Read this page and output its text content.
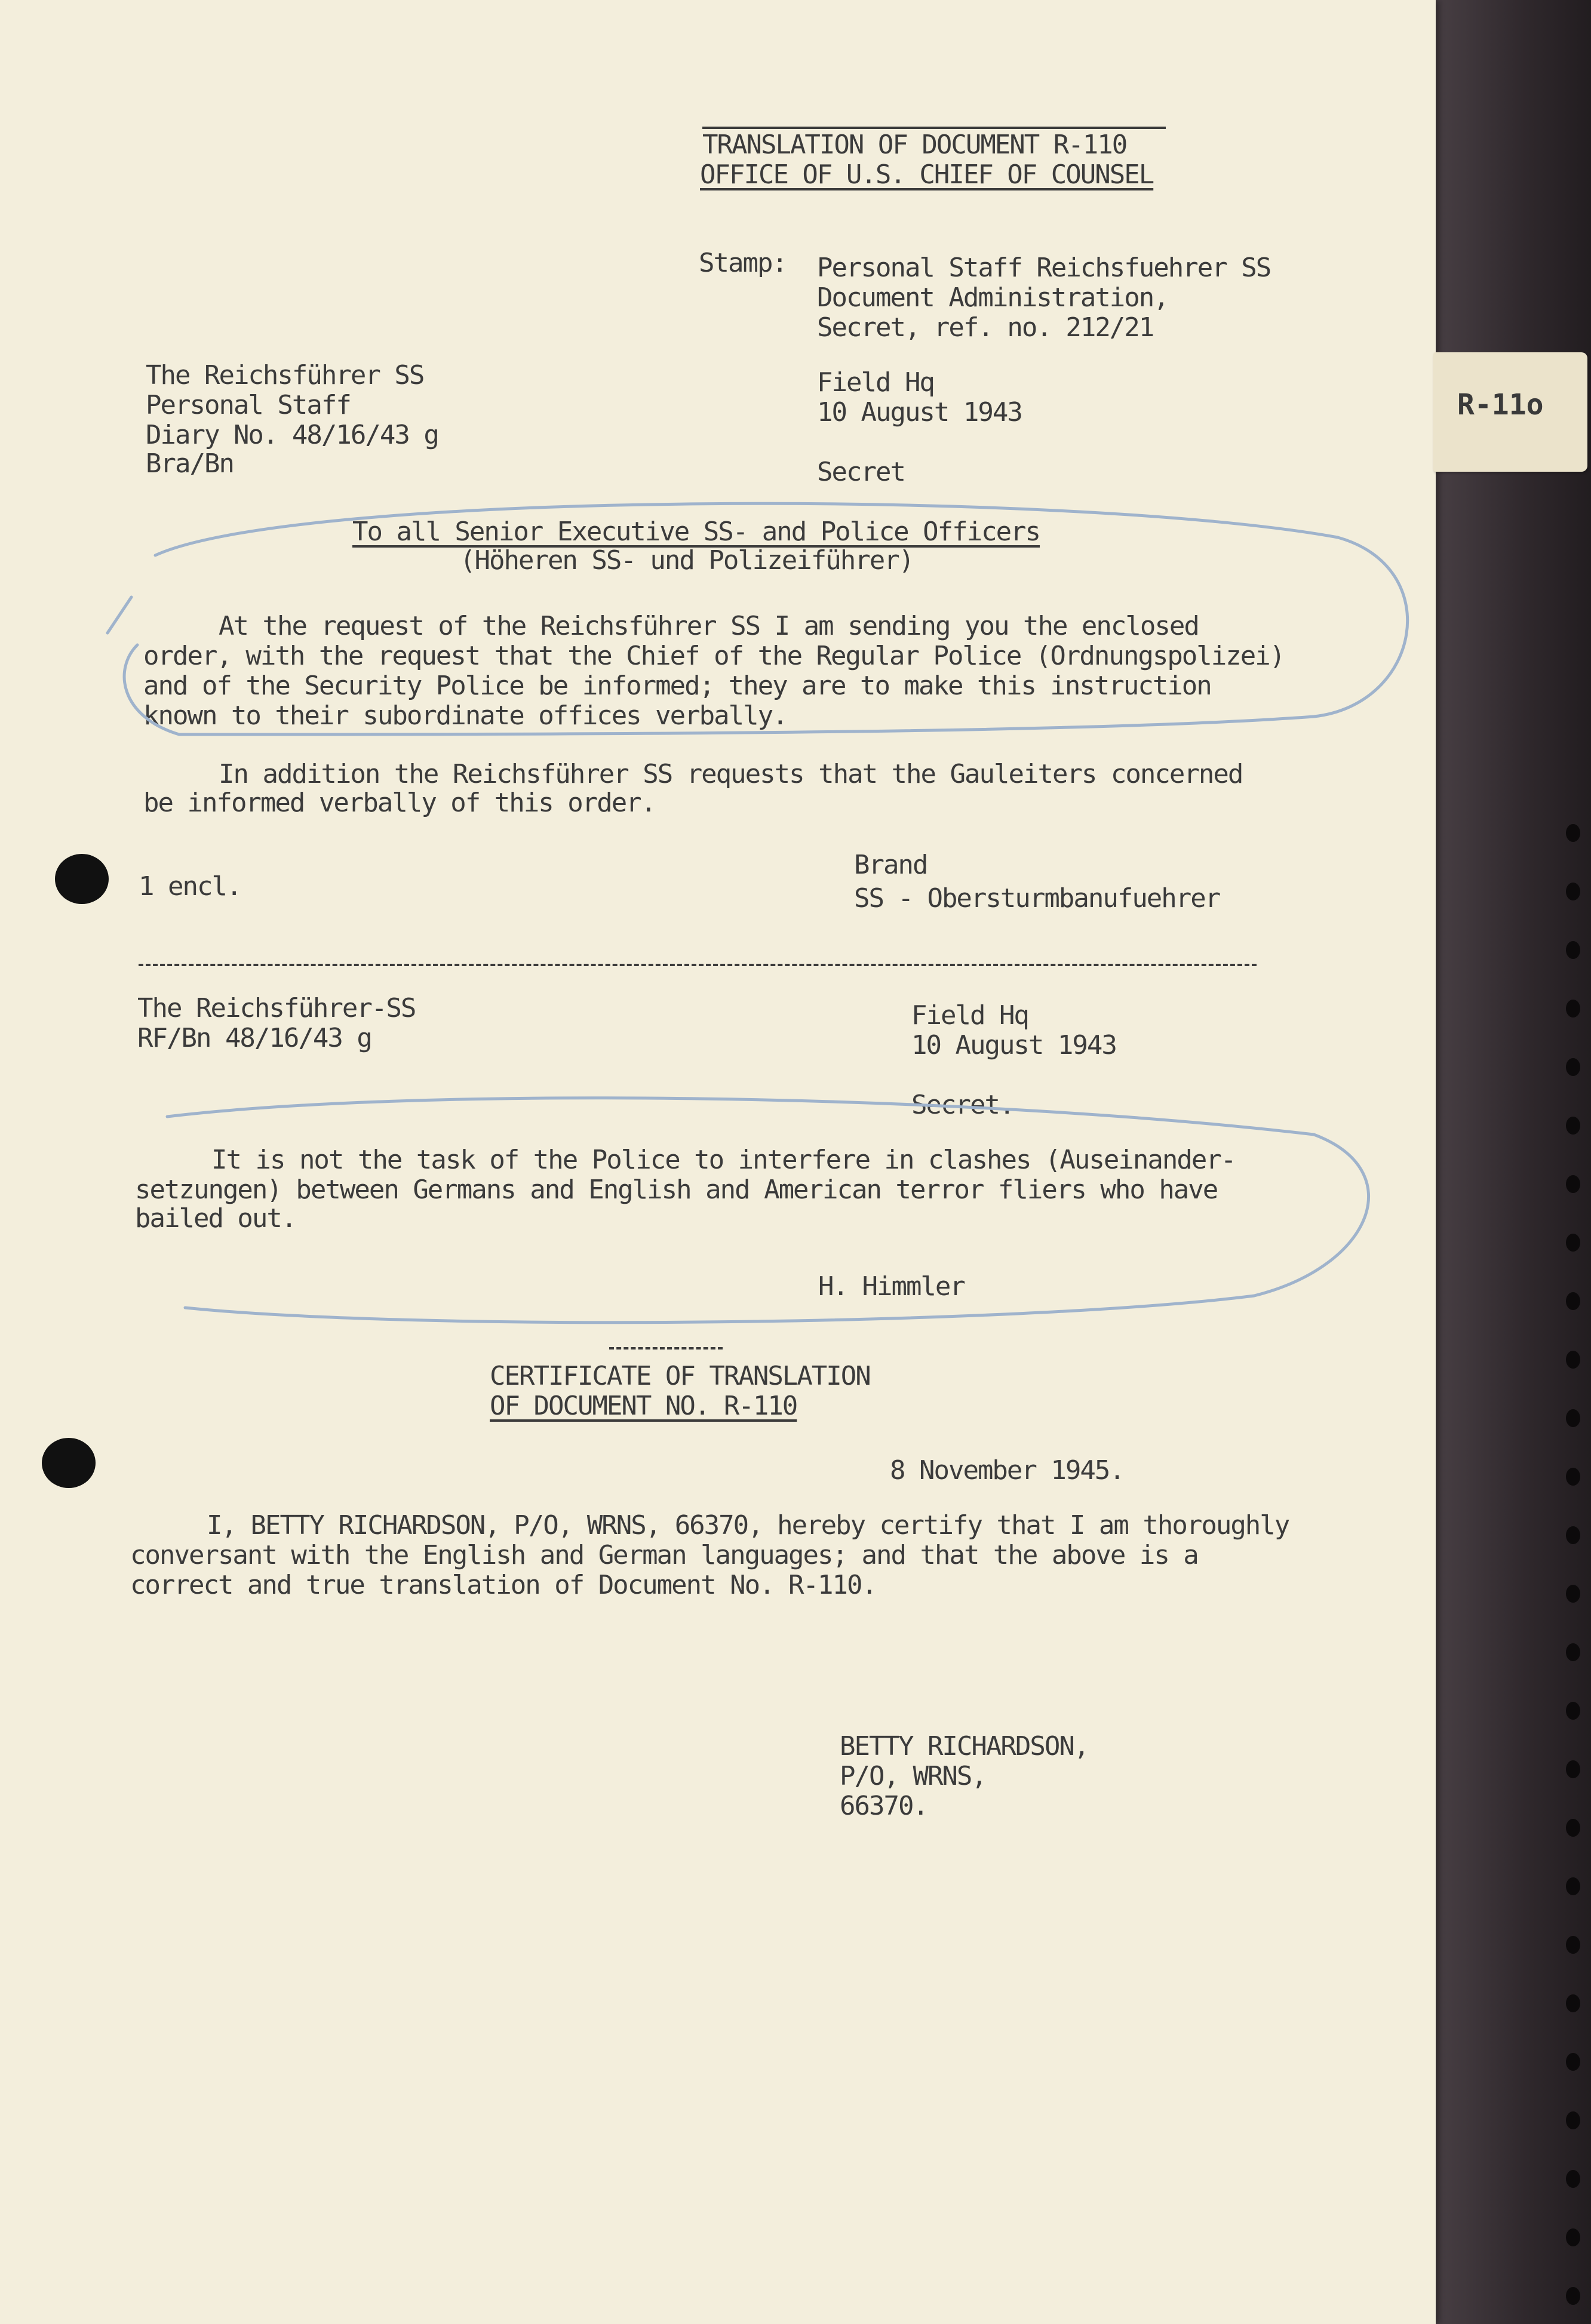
TRANSLATION OF DOCUMENT R-110
OFFICE OF U.S. CHIEF OF COUNSEL
Stamp: Personal Staff Reichsfuehrer SS
Document Administration,
Secret, ref. no. 212/21
The Reichsführer SS
Personal Staff
Diary No. 48/16/43 g
Bra/Bn
Field Hq
10 August 1943
Secret
To all Senior Executive SS- and Police Officers
(Höheren SS- und Polizeiführer)
At the request of the Reichsführer SS I am sending you the enclosed
order, with the request that the Chief of the Regular Police (Ordnungspolizei)
and of the Security Police be informed; they are to make this instruction
known to their subordinate offices verbally.
In addition the Reichsführer SS requests that the Gauleiters concerned
be informed verbally of this order.
1 encl.
Brand
SS - Obersturmbanufuehrer
The Reichsführer-SS
RF/Bn 48/16/43 g
Field Hq
10 August 1943
Secret.
It is not the task of the Police to interfere in clashes (Auseinander-
setzungen) between Germans and English and American terror fliers who have
bailed out.
H. Himmler
CERTIFICATE OF TRANSLATION
OF DOCUMENT NO. R-110
8 November 1945.
I, BETTY RICHARDSON, P/O, WRNS, 66370, hereby certify that I am thoroughly
conversant with the English and German languages; and that the above is a
correct and true translation of Document No. R-110.
BETTY RICHARDSON,
P/O, WRNS,
66370.
R-11o
